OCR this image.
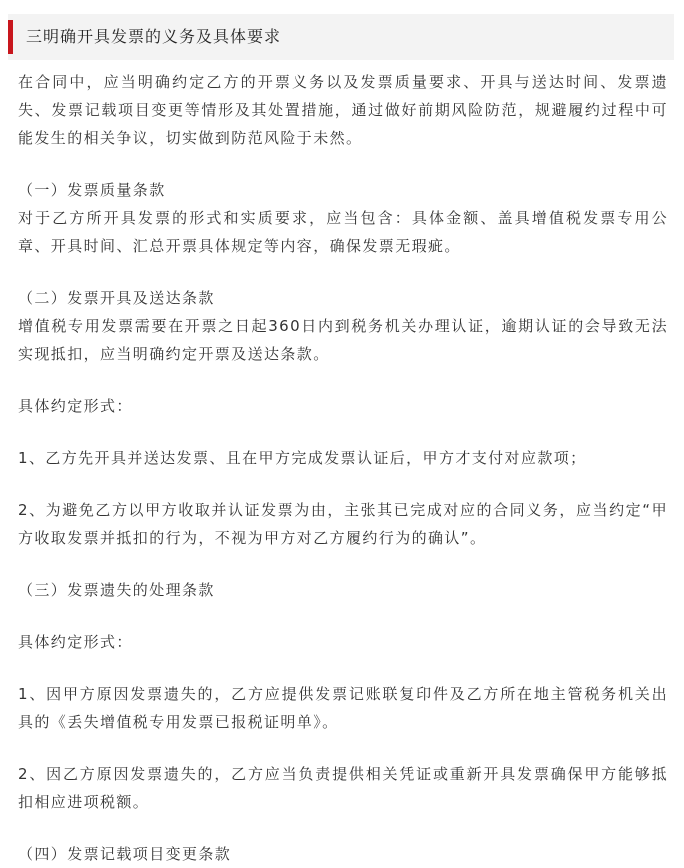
三明确开具发票的义务及具体要求

在合同中，应当明确约定乙方的开票义务以及发票质量要求、开具与送达时间、发票遗失、发票记载项目变更等情形及其处置措施，通过做好前期风险防范，规避履约过程中可能发生的相关争议，切实做到防范风险于未然。

（一）发票质量条款

对于乙方所开具发票的形式和实质要求，应当包含：具体金额、盖具增值税发票专用公章、开具时间、汇总开票具体规定等内容，确保发票无瑕疵。

（二）发票开具及送达条款

增值税专用发票需要在开票之日起360日内到税务机关办理认证，逾期认证的会导致无法实现抵扣，应当明确约定开票及送达条款。

具体约定形式：

1、乙方先开具并送达发票、且在甲方完成发票认证后，甲方才支付对应款项；

2、为避免乙方以甲方收取并认证发票为由，主张其已完成对应的合同义务，应当约定“甲方收取发票并抵扣的行为，不视为甲方对乙方履约行为的确认”。

（三）发票遗失的处理条款

具体约定形式：

1、因甲方原因发票遗失的，乙方应提供发票记账联复印件及乙方所在地主管税务机关出具的《丢失增值税专用发票已报税证明单》。

2、因乙方原因发票遗失的，乙方应当负责提供相关凭证或重新开具发票确保甲方能够抵扣相应进项税额。

（四）发票记载项目变更条款
